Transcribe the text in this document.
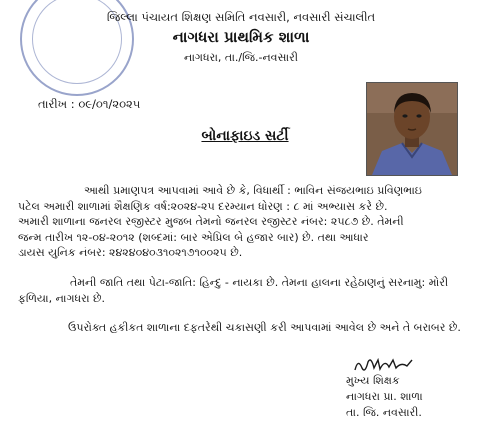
જિલ્લા પંચાયત શિક્ષણ સમિતિ નવસારી, નવસારી સંચાલીત
નાગધરા પ્રાથમિક શાળા
નાગધરા, તા./જિ.-નવસારી
તારીખ : ૦૯/૦૧/૨૦૨૫
બોનાફાઇડ સર્ટી
આથી પ્રમાણપત્ર આપવામાં આવે છે કે, વિધાર્થી : ભાવિન સંજયભાઇ પ્રવિણભાઇ
પટેલ અમારી શાળામાં શૈક્ષણિક વર્ષ:૨૦૨૪-૨૫ દરમ્યાન ધોરણ : ૮ માં અભ્યાસ કરે છે.
અમારી શાળાના જનરલ રજીસ્ટર મુજબ તેમનો જનરલ રજીસ્ટર નંબર: ૨૫૮૭ છે. તેમની
જન્મ તારીખ ૧૨-૦૪-૨૦૧૨ (શબ્દમાં: બાર એપ્રિલ બે હજાર બાર) છે. તથા આધાર
ડાયસ યુનિક નંબર: ૨૪૨૪૦૪૦૩૧૦૨૧૭૧૦૦૨૫ છે.
તેમની જાતિ તથા પેટા-જાતિ: હિન્દુ - નાયકા છે. તેમના હાલના રહેઠાણનું સરનામુ: મોરી
ફળિયા, નાગધરા છે.
ઉપરોક્ત હકીકત શાળાના દફતરેથી ચકાસણી કરી આપવામાં આવેલ છે અને તે બરાબર છે.
મુખ્ય શિક્ષક
નાગધરા પ્રા. શાળા
તા. જિ. નવસારી.
